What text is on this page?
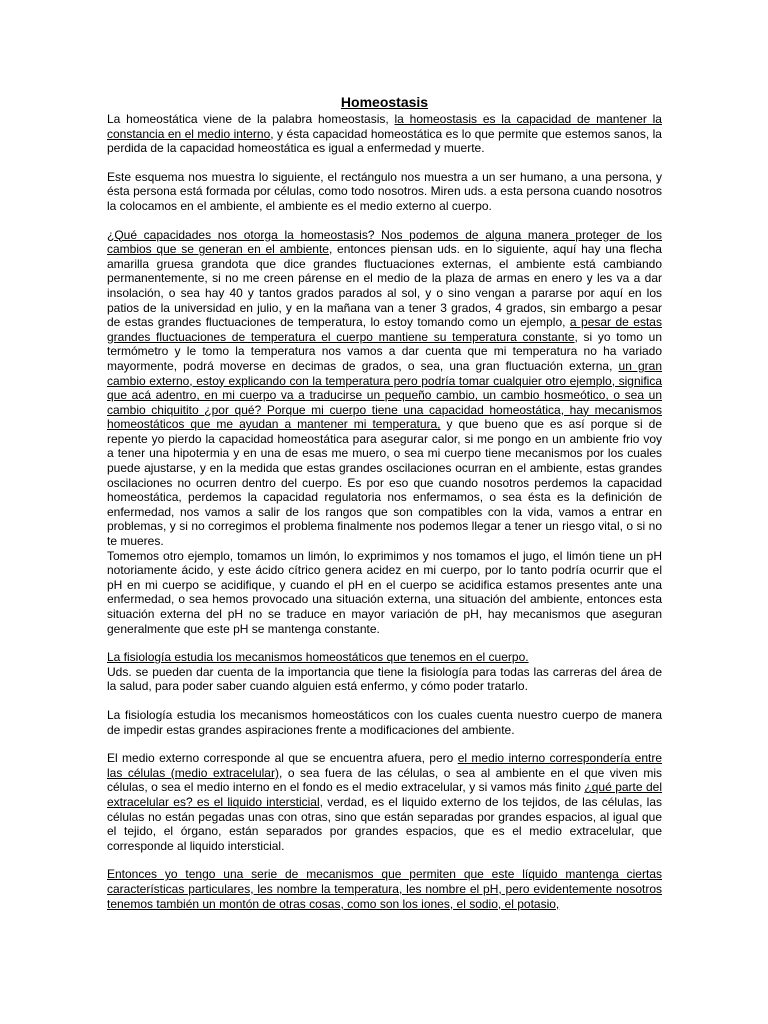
Homeostasis

La homeostática viene de la palabra homeostasis, la homeostasis es la capacidad de mantener la constancia en el medio interno, y ésta capacidad homeostática es lo que permite que estemos sanos, la perdida de la capacidad homeostática es igual a enfermedad y muerte.

Este esquema nos muestra lo siguiente, el rectángulo nos muestra a un ser humano, a una persona, y ésta persona está formada por células, como todo nosotros. Miren uds. a esta persona cuando nosotros la colocamos en el ambiente, el ambiente es el medio externo al cuerpo.

¿Qué capacidades nos otorga la homeostasis? Nos podemos de alguna manera proteger de los cambios que se generan en el ambiente, entonces piensan uds. en lo siguiente, aquí hay una flecha amarilla gruesa grandota que dice grandes fluctuaciones externas, el ambiente está cambiando permanentemente, si no me creen párense en el medio de la plaza de armas en enero y les va a dar insolación, o sea hay 40 y tantos grados parados al sol, y o sino vengan a pararse por aquí en los patios de la universidad en julio, y en la mañana van a tener 3 grados, 4 grados, sin embargo a pesar de estas grandes fluctuaciones de temperatura, lo estoy tomando como un ejemplo, a pesar de estas grandes fluctuaciones de temperatura el cuerpo mantiene su temperatura constante, si yo tomo un termómetro y le tomo la temperatura nos vamos a dar cuenta que mi temperatura no ha variado mayormente, podrá moverse en decimas de grados, o sea, una gran fluctuación externa, un gran cambio externo, estoy explicando con la temperatura pero podría tomar cualquier otro ejemplo, significa que acá adentro, en mi cuerpo va a traducirse un pequeño cambio, un cambio hosmeótico, o sea un cambio chiquitito ¿por qué? Porque mi cuerpo tiene una capacidad homeostática, hay mecanismos homeostáticos que me ayudan a mantener mi temperatura, y que bueno que es así porque si de repente yo pierdo la capacidad homeostática para asegurar calor, si me pongo en un ambiente frio voy a tener una hipotermia y en una de esas me muero, o sea mi cuerpo tiene mecanismos por los cuales puede ajustarse, y en la medida que estas grandes oscilaciones ocurran en el ambiente, estas grandes oscilaciones no ocurren dentro del cuerpo. Es por eso que cuando nosotros perdemos la capacidad homeostática, perdemos la capacidad regulatoria nos enfermamos, o sea ésta es la definición de enfermedad, nos vamos a salir de los rangos que son compatibles con la vida, vamos a entrar en problemas, y si no corregimos el problema finalmente nos podemos llegar a tener un riesgo vital, o si no te mueres.

Tomemos otro ejemplo, tomamos un limón, lo exprimimos y nos tomamos el jugo, el limón tiene un pH notoriamente ácido, y este ácido cítrico genera acidez en mi cuerpo, por lo tanto podría ocurrir que el pH en mi cuerpo se acidifique, y cuando el pH en el cuerpo se acidifica estamos presentes ante una enfermedad, o sea hemos provocado una situación externa, una situación del ambiente, entonces esta situación externa del pH no se traduce en mayor variación de pH, hay mecanismos que aseguran generalmente que este pH se mantenga constante.

La fisiología estudia los mecanismos homeostáticos que tenemos en el cuerpo.
Uds. se pueden dar cuenta de la importancia que tiene la fisiología para todas las carreras del área de la salud, para poder saber cuando alguien está enfermo, y cómo poder tratarlo.

La fisiología estudia los mecanismos homeostáticos con los cuales cuenta nuestro cuerpo de manera de impedir estas grandes aspiraciones frente a modificaciones del ambiente.

El medio externo corresponde al que se encuentra afuera, pero el medio interno correspondería entre las células (medio extracelular), o sea fuera de las células, o sea al ambiente en el que viven mis células, o sea el medio interno en el fondo es el medio extracelular, y si vamos más finito ¿qué parte del extracelular es? es el liquido intersticial, verdad, es el liquido externo de los tejidos, de las células, las células no están pegadas unas con otras, sino que están separadas por grandes espacios, al igual que el tejido, el órgano, están separados por grandes espacios, que es el medio extracelular, que corresponde al liquido intersticial.

Entonces yo tengo una serie de mecanismos que permiten que este líquido mantenga ciertas características particulares, les nombre la temperatura, les nombre el pH, pero evidentemente nosotros tenemos también un montón de otras cosas, como son los iones, el sodio, el potasio,
